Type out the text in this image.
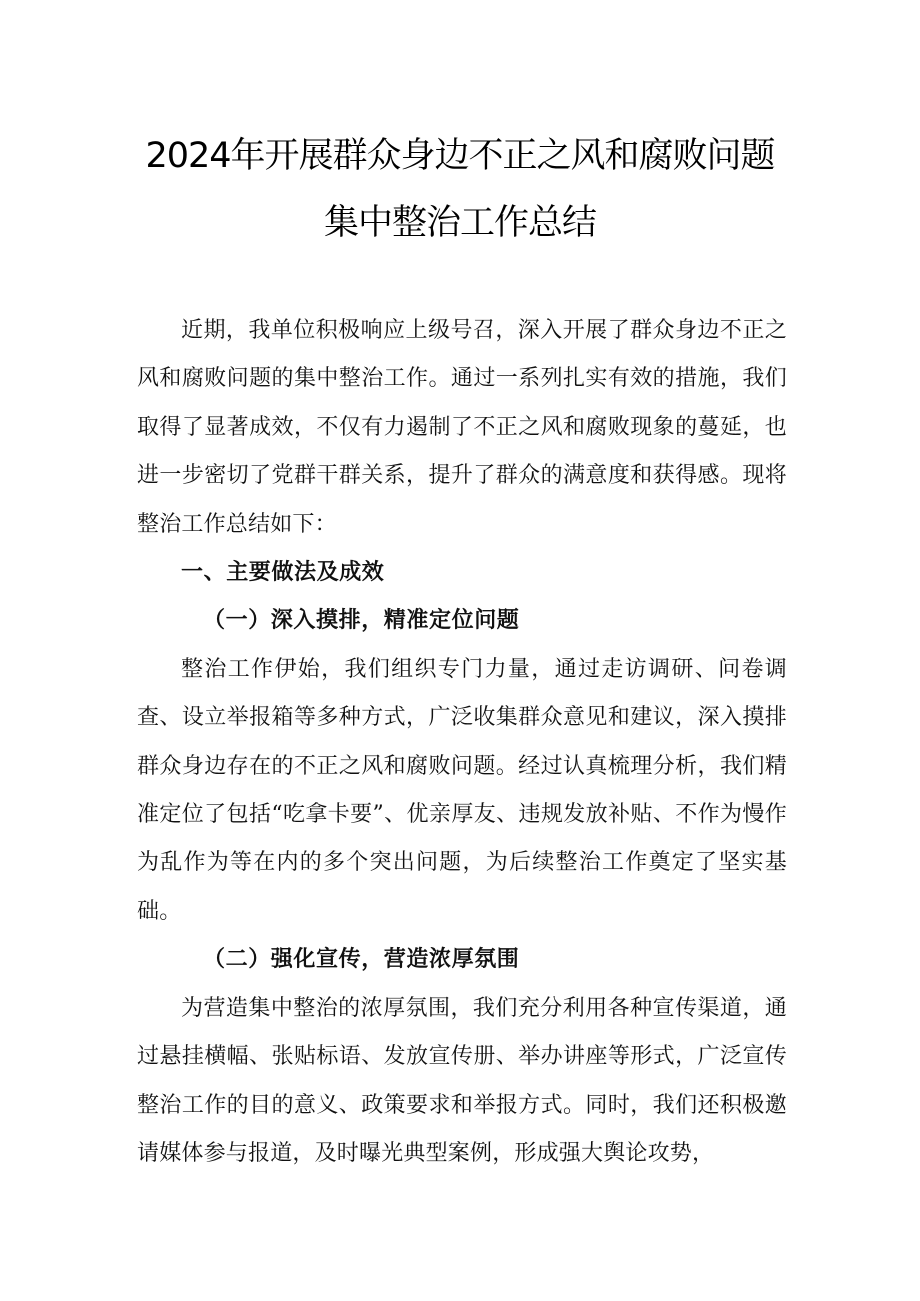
2024年开展群众身边不正之风和腐败问题
集中整治工作总结

近期，我单位积极响应上级号召，深入开展了群众身边不正之风和腐败问题的集中整治工作。通过一系列扎实有效的措施，我们取得了显著成效，不仅有力遏制了不正之风和腐败现象的蔓延，也进一步密切了党群干群关系，提升了群众的满意度和获得感。现将整治工作总结如下：

一、主要做法及成效

（一）深入摸排，精准定位问题

整治工作伊始，我们组织专门力量，通过走访调研、问卷调查、设立举报箱等多种方式，广泛收集群众意见和建议，深入摸排群众身边存在的不正之风和腐败问题。经过认真梳理分析，我们精准定位了包括“吃拿卡要”、优亲厚友、违规发放补贴、不作为慢作为乱作为等在内的多个突出问题，为后续整治工作奠定了坚实基础。

（二）强化宣传，营造浓厚氛围

为营造集中整治的浓厚氛围，我们充分利用各种宣传渠道，通过悬挂横幅、张贴标语、发放宣传册、举办讲座等形式，广泛宣传整治工作的目的意义、政策要求和举报方式。同时，我们还积极邀请媒体参与报道，及时曝光典型案例，形成强大舆论攻势，
